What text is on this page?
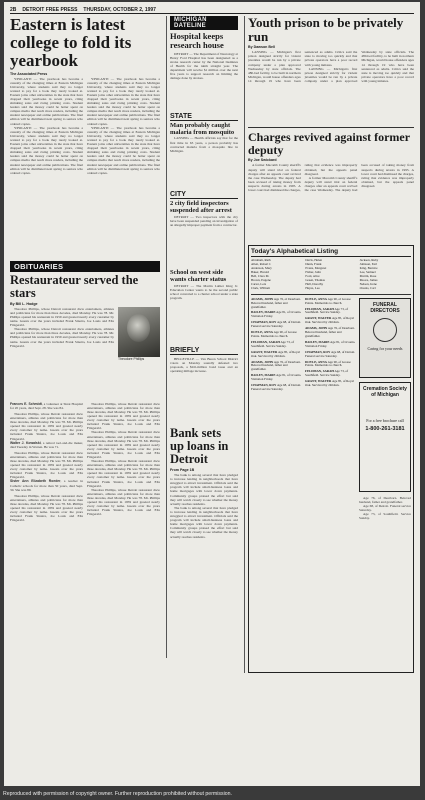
2B DETROIT FREE PRESS THURSDAY, OCTOBER 2, 1997
Eastern is latest college to fold its yearbook
The Associated Press

YPSILANTI — The yearbook has become a casualty of the changing times at Eastern Michigan University, where students said they no longer wanted to pay for a book they rarely looked at. Eastern joins other universities in the state that have dropped their yearbooks in recent years, citing shrinking sales and rising printing costs. Student leaders said the money could be better spent on campus media that reach more readers, including the student newspaper and online publications. The final edition will be distributed next spring to seniors who ordered copies.

YPSILANTI — The yearbook has become a casualty of the changing times at Eastern Michigan University, where students said they no longer wanted to pay for a book they rarely looked at. Eastern joins other universities in the state that have dropped their yearbooks in recent years, citing shrinking sales and rising printing costs. Student leaders said the money could be better spent on campus media that reach more readers, including the student newspaper and online publications. The final edition will be distributed next spring to seniors who ordered copies.

YPSILANTI — The yearbook has become a casualty of the changing times at Eastern Michigan University, where students said they no longer wanted to pay for a book they rarely looked at. Eastern joins other universities in the state that have dropped their yearbooks in recent years, citing shrinking sales and rising printing costs. Student leaders said the money could be better spent on campus media that reach more readers, including the student newspaper and online publications. The final edition will be distributed next spring to seniors who ordered copies.

YPSILANTI — The yearbook has become a casualty of the changing times at Eastern Michigan University, where students said they no longer wanted to pay for a book they rarely looked at. Eastern joins other universities in the state that have dropped their yearbooks in recent years, citing shrinking sales and rising printing costs. Student leaders said the money could be better spent on campus media that reach more readers, including the student newspaper and online publications. The final edition will be distributed next spring to seniors who ordered copies.

OBITUARIES
Restaurateur served the stars
By Bill L. Hodge

Theodore Phillips, whose Detroit restaurant drew entertainers, athletes and politicians for more than three decades, died Monday. He was 78. Mr. Phillips opened his restaurant in 1959 and greeted nearly every customer by name. Guests over the years included Frank Sinatra, Joe Louis and Ella Fitzgerald.

Theodore Phillips, whose Detroit restaurant drew entertainers, athletes and politicians for more than three decades, died Monday. He was 78. Mr. Phillips opened his restaurant in 1959 and greeted nearly every customer by name. Guests over the years included Frank Sinatra, Joe Louis and Ella Fitzgerald.

Theodore Phillips
Frances E. Schmidt, a volunteer at Sinai Hospital for 20 years, died Sept. 28. She was 84.

Theodore Phillips, whose Detroit restaurant drew entertainers, athletes and politicians for more than three decades, died Monday. He was 78. Mr. Phillips opened his restaurant in 1959 and greeted nearly every customer by name. Guests over the years included Frank Sinatra, Joe Louis and Ella Fitzgerald.

Walter J. Kowalski, a retired tool-and-die maker, died Tuesday in Warren. He was 71.

Theodore Phillips, whose Detroit restaurant drew entertainers, athletes and politicians for more than three decades, died Monday. He was 78. Mr. Phillips opened his restaurant in 1959 and greeted nearly every customer by name. Guests over the years included Frank Sinatra, Joe Louis and Ella Fitzgerald.

Sister Ann Elizabeth Roeder, a teacher in Catholic schools for more than 50 years, died Sept. 30. She was 89.

Theodore Phillips, whose Detroit restaurant drew entertainers, athletes and politicians for more than three decades, died Monday. He was 78. Mr. Phillips opened his restaurant in 1959 and greeted nearly every customer by name. Guests over the years included Frank Sinatra, Joe Louis and Ella Fitzgerald.

Theodore Phillips, whose Detroit restaurant drew entertainers, athletes and politicians for more than three decades, died Monday. He was 78. Mr. Phillips opened his restaurant in 1959 and greeted nearly every customer by name. Guests over the years included Frank Sinatra, Joe Louis and Ella Fitzgerald.

Theodore Phillips, whose Detroit restaurant drew entertainers, athletes and politicians for more than three decades, died Monday. He was 78. Mr. Phillips opened his restaurant in 1959 and greeted nearly every customer by name. Guests over the years included Frank Sinatra, Joe Louis and Ella Fitzgerald.

Theodore Phillips, whose Detroit restaurant drew entertainers, athletes and politicians for more than three decades, died Monday. He was 78. Mr. Phillips opened his restaurant in 1959 and greeted nearly every customer by name. Guests over the years included Frank Sinatra, Joe Louis and Ella Fitzgerald.

Theodore Phillips, whose Detroit restaurant drew entertainers, athletes and politicians for more than three decades, died Monday. He was 78. Mr. Phillips opened his restaurant in 1959 and greeted nearly every customer by name. Guests over the years included Frank Sinatra, Joe Louis and Ella Fitzgerald.

MICHIGAN DATELINE
Hospital keeps research house

DETROIT — The Department of Neurology at Henry Ford Hospital has been designated as a stroke research center by the National Institutes of Health for the ninth straight year. The department will receive $1 million over the next five years to support research on limiting the damage done by strokes.

STATE
Man probably caught malaria from mosquito

LANSING — Health officials say that for the first time in 63 years, a person probably has contracted malaria from a mosquito bite in Michigan.

CITY
2 city field inspectors suspended after arrest

DETROIT — Two inspectors with the city have been suspended pending an investigation of an allegedly improper payment from a contractor.

School on west side wants charter status

DETROIT — The Martin Luther King Jr. Education Center wants to be the second public school converted to a charter school under a state program.

BRIEFLY

BELLEVILLE — Van Buren School District voters on Monday soundly defeated two proposals, a $9.6-million bond issue and an operating millage increase.

Bank sets up loans in Detroit
From Page 1B

The bank is among several that have pledged to increase lending in neighborhoods that have struggled to attract investment. Officials said the program will include small-business loans and home mortgages with lower down payments. Community groups praised the effort but said they will watch closely to see whether the money actually reaches residents.

The bank is among several that have pledged to increase lending in neighborhoods that have struggled to attract investment. Officials said the program will include small-business loans and home mortgages with lower down payments. Community groups praised the effort but said they will watch closely to see whether the money actually reaches residents.

Youth prison to be privately run
By Dawson Bell

LANSING — Michigan's first prison designed strictly for violent juveniles would be run by a private company under a plan approved Wednesday by state officials. The 480-bed facility, to be built in northern Michigan, would house offenders ages 14 through 19 who have been sentenced as adults. Critics said the state is moving too quickly and that private operators have a poor record with young inmates.

LANSING — Michigan's first prison designed strictly for violent juveniles would be run by a private company under a plan approved Wednesday by state officials. The 480-bed facility, to be built in northern Michigan, would house offenders ages 14 through 19 who have been sentenced as adults. Critics said the state is moving too quickly and that private operators have a poor record with young inmates.

Charges revived against former deputy
By Joe Swickard

A former Macomb County sheriff's deputy will stand trial on federal charges after an appeals court revived the case Wednesday. The deputy had been accused of taking money from suspects during arrests in 1995. A lower court had dismissed the charges, ruling that evidence was improperly obtained, but the appeals panel disagreed.

A former Macomb County sheriff's deputy will stand trial on federal charges after an appeals court revived the case Wednesday. The deputy had been accused of taking money from suspects during arrests in 1995. A lower court had dismissed the charges, ruling that evidence was improperly obtained, but the appeals panel disagreed.

Today's Alphabetical Listing
Abraham, Ruth
Allen, Robert J.
Anderson, Mary
Baker, Harold
Bell, Clara M.
Brown, Eugene
Carter, Lois
Clark, William
Davis, Helen
Dunn, Frank
Evans, Margaret
Fisher, John
Ford, Alice
Green, Thomas
Hall, Dorothy
Hayes, Leo
Jackson, Ruby
Johnson, Earl
King, Bernice
Lee, Samuel
Martin, Rose
Moore, James
Nelson, Irene
Owens, Carl
ADAMS, JOHN Age 76, of Dearborn. Beloved husband, father and grandfather.
BAILEY, MARIE Age 81, of Livonia. Visitation Friday.
CHAPMAN, ROY Age 68, of Detroit. Funeral service Saturday.
DOYLE, ANNA Age 90, of Grosse Pointe. Memorials to church.
FELDMAN, SARAH Age 73, of Southfield. Service Sunday.
GRANT, WALTER Age 85, of Royal Oak. Survived by children.
ADAMS, JOHN Age 76, of Dearborn. Beloved husband, father and grandfather.
BAILEY, MARIE Age 81, of Livonia. Visitation Friday.
CHAPMAN, ROY Age 68, of Detroit. Funeral service Saturday.
DOYLE, ANNA Age 90, of Grosse Pointe. Memorials to church.
FELDMAN, SARAH Age 73, of Southfield. Service Sunday.
GRANT, WALTER Age 85, of Royal Oak. Survived by children.
ADAMS, JOHN Age 76, of Dearborn. Beloved husband, father and grandfather.
BAILEY, MARIE Age 81, of Livonia. Visitation Friday.
CHAPMAN, ROY Age 68, of Detroit. Funeral service Saturday.
DOYLE, ANNA Age 90, of Grosse Pointe. Memorials to church.
FELDMAN, SARAH Age 73, of Southfield. Service Sunday.
GRANT, WALTER Age 85, of Royal Oak. Survived by children.
FUNERAL DIRECTORS
Caring for your needs
Cremation Society of Michigan
For a free brochure call
1-800-261-3181

Age 76, of Dearborn. Beloved husband, father and grandfather.

Age 68, of Detroit. Funeral service Saturday.

Age 73, of Southfield. Service Sunday.

Reproduced with permission of copyright owner. Further reproduction prohibited without permission.
